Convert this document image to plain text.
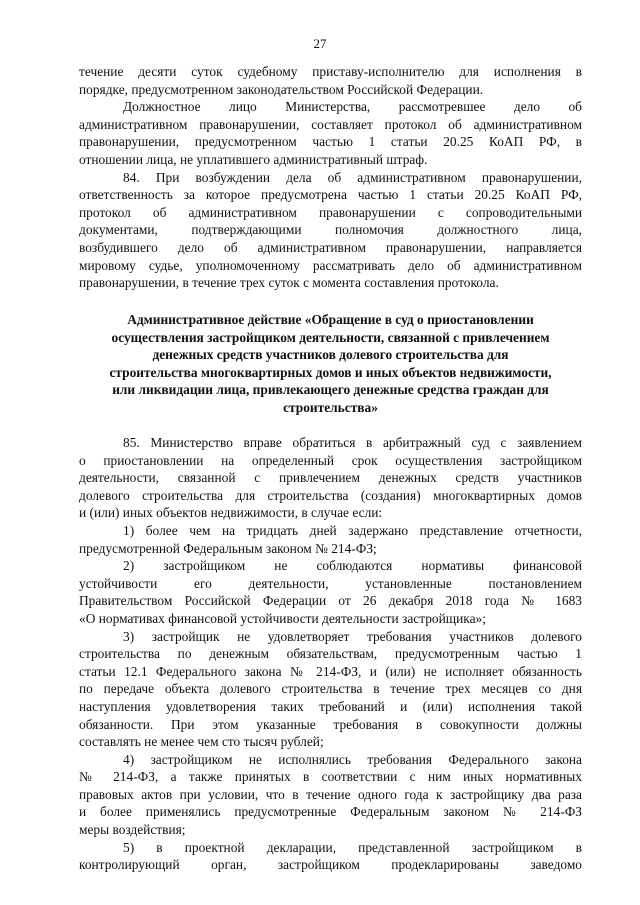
27
течение десяти суток судебному приставу-исполнителю для исполнения в
порядке, предусмотренном законодательством Российской Федерации.
Должностное лицо Министерства, рассмотревшее дело об
административном правонарушении, составляет протокол об административном
правонарушении, предусмотренном частью 1 статьи 20.25 КоАП РФ, в
отношении лица, не уплатившего административный штраф.
84. При возбуждении дела об административном правонарушении,
ответственность за которое предусмотрена частью 1 статьи 20.25 КоАП РФ,
протокол об административном правонарушении с сопроводительными
документами, подтверждающими полномочия должностного лица,
возбудившего дело об административном правонарушении, направляется
мировому судье, уполномоченному рассматривать дело об административном
правонарушении, в течение трех суток с момента составления протокола.
Административное действие «Обращение в суд о приостановлении
осуществления застройщиком деятельности, связанной с привлечением
денежных средств участников долевого строительства для
строительства многоквартирных домов и иных объектов недвижимости,
или ликвидации лица, привлекающего денежные средства граждан для
строительства»
85. Министерство вправе обратиться в арбитражный суд с заявлением
о приостановлении на определенный срок осуществления застройщиком
деятельности, связанной с привлечением денежных средств участников
долевого строительства для строительства (создания) многоквартирных домов
и (или) иных объектов недвижимости, в случае если:
1) более чем на тридцать дней задержано представление отчетности,
предусмотренной Федеральным законом № 214-ФЗ;
2) застройщиком не соблюдаются нормативы финансовой
устойчивости его деятельности, установленные постановлением
Правительством Российской Федерации от 26 декабря 2018 года № 1683
«О нормативах финансовой устойчивости деятельности застройщика»;
3) застройщик не удовлетворяет требования участников долевого
строительства по денежным обязательствам, предусмотренным частью 1
статьи 12.1 Федерального закона № 214-ФЗ, и (или) не исполняет обязанность
по передаче объекта долевого строительства в течение трех месяцев со дня
наступления удовлетворения таких требований и (или) исполнения такой
обязанности. При этом указанные требования в совокупности должны
составлять не менее чем сто тысяч рублей;
4) застройщиком не исполнялись требования Федерального закона
№ 214-ФЗ, а также принятых в соответствии с ним иных нормативных
правовых актов при условии, что в течение одного года к застройщику два раза
и более применялись предусмотренные Федеральным законом № 214-ФЗ
меры воздействия;
5) в проектной декларации, представленной застройщиком в
контролирующий орган, застройщиком продекларированы заведомо
